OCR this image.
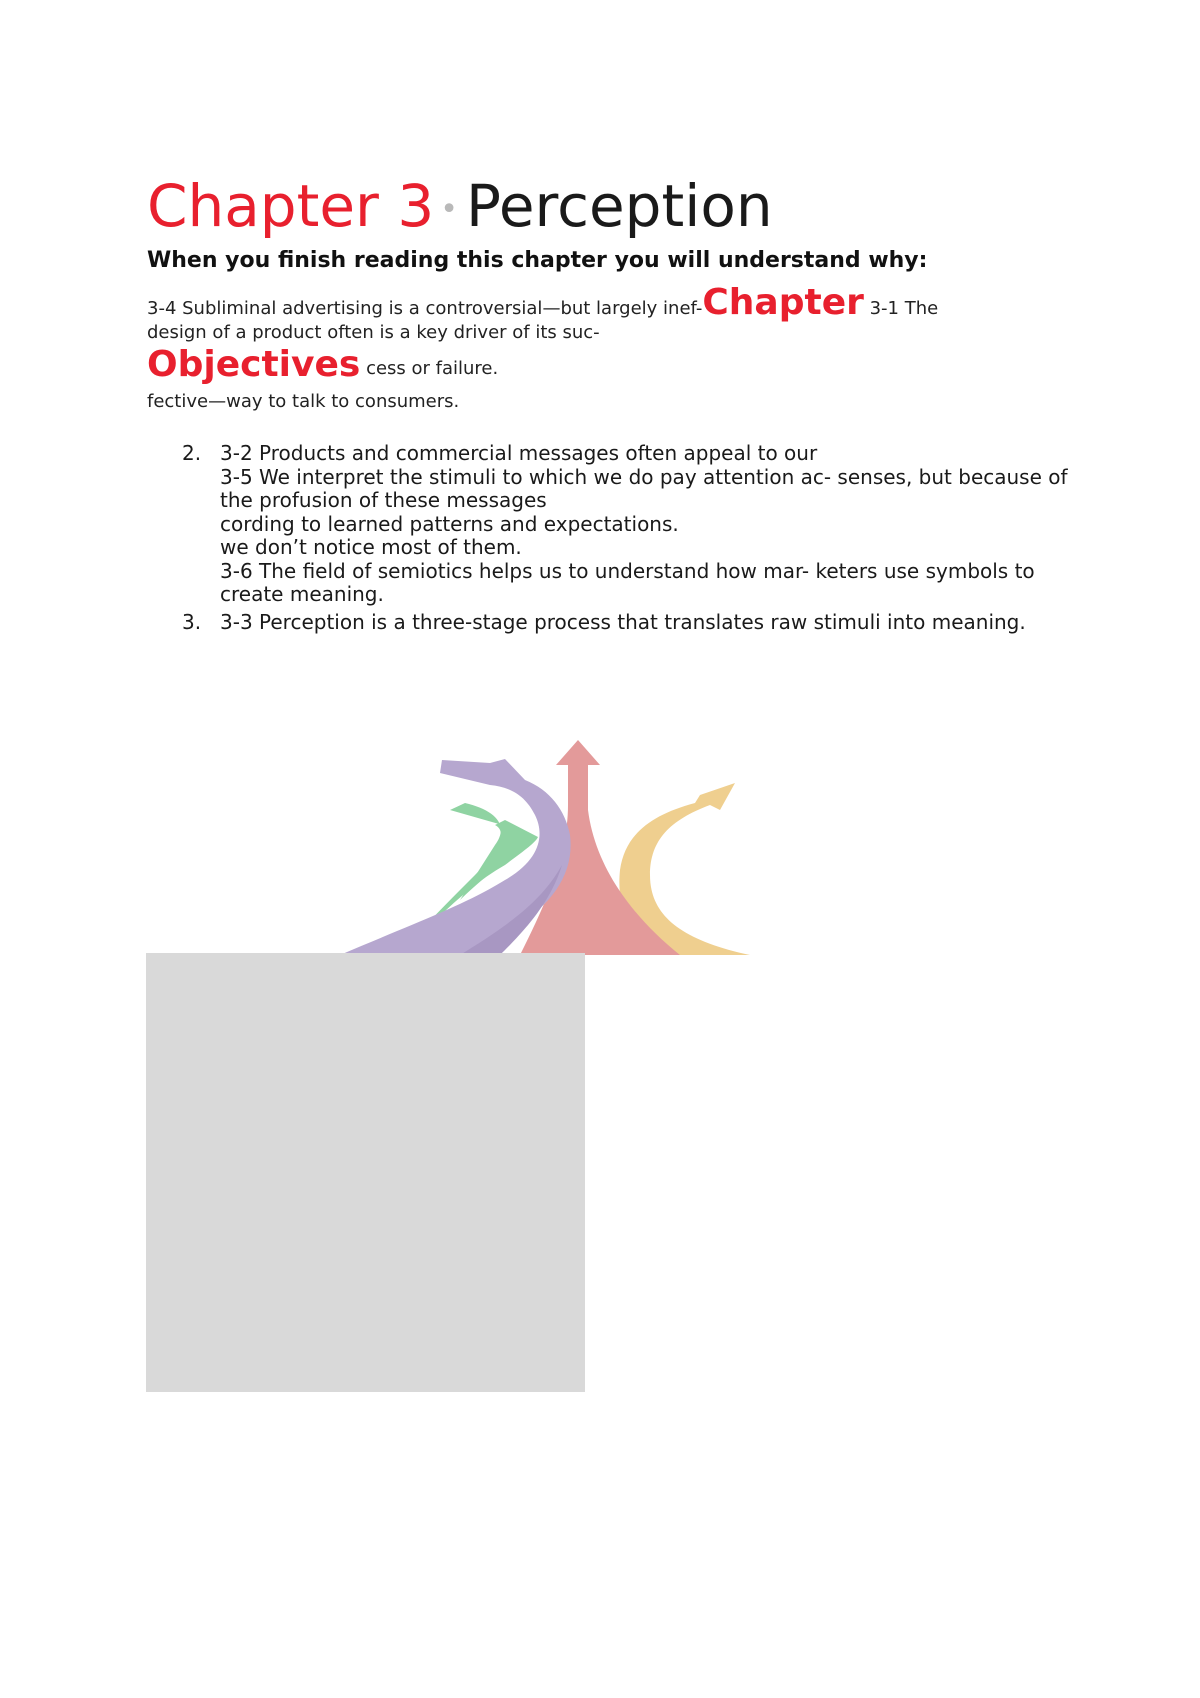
Chapter 3 • Perception
When you finish reading this chapter you will understand why:
3-4 Subliminal advertising is a controversial—but largely inef-Chapter 3-1 The
design of a product often is a key driver of its suc-
Objectives cess or failure.
fective—way to talk to consumers.
2. 3-2 Products and commercial messages often appeal to our
3-5 We interpret the stimuli to which we do pay attention ac- senses, but because of the profusion of these messages
cording to learned patterns and expectations.
we don’t notice most of them.
3-6 The field of semiotics helps us to understand how mar- keters use symbols to create meaning.
3. 3-3 Perception is a three-stage process that translates raw stimuli into meaning.
